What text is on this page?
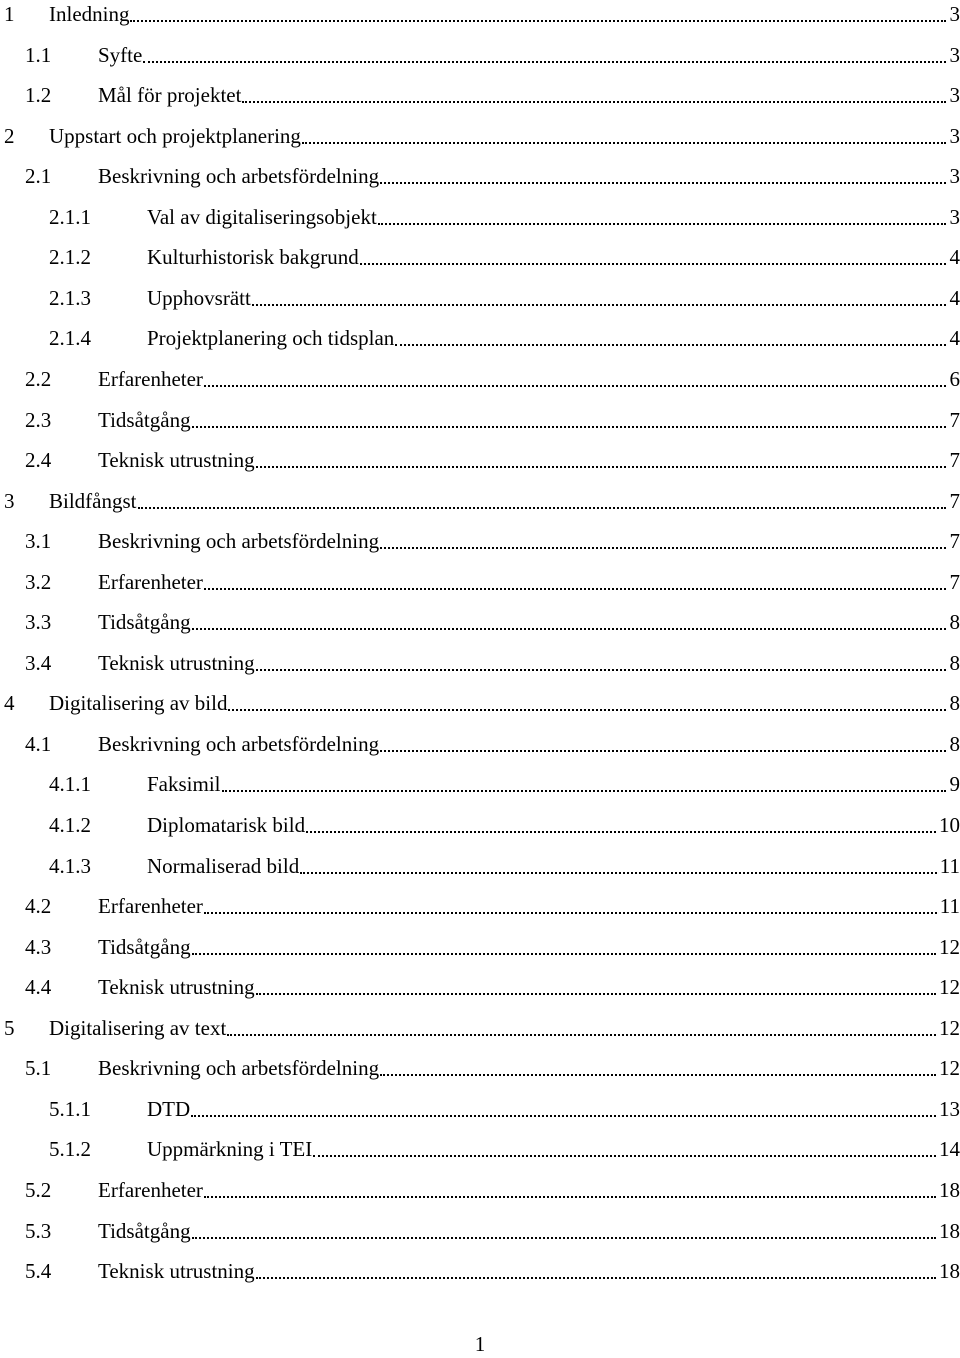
1 Inledning	3
1.1 Syfte	3
1.2 Mål för projektet	3
2 Uppstart och projektplanering	3
2.1 Beskrivning och arbetsfördelning	3
2.1.1	Val av digitaliseringsobjekt	3
2.1.2	Kulturhistorisk bakgrund	4
2.1.3	Upphovsrätt	4
2.1.4	Projektplanering och tidsplan	4
2.2 Erfarenheter	6
2.3 Tidsåtgång	7
2.4 Teknisk utrustning	7
3 Bildfångst	7
3.1 Beskrivning och arbetsfördelning	7
3.2 Erfarenheter	7
3.3 Tidsåtgång	8
3.4 Teknisk utrustning	8
4 Digitalisering av bild	8
4.1 Beskrivning och arbetsfördelning	8
4.1.1	Faksimil	9
4.1.2	Diplomatarisk bild	10
4.1.3	Normaliserad bild	11
4.2 Erfarenheter	11
4.3 Tidsåtgång	12
4.4 Teknisk utrustning	12
5 Digitalisering av text	12
5.1 Beskrivning och arbetsfördelning	12
5.1.1	DTD	13
5.1.2	Uppmärkning i TEI	14
5.2 Erfarenheter	18
5.3 Tidsåtgång	18
5.4 Teknisk utrustning	18
1
